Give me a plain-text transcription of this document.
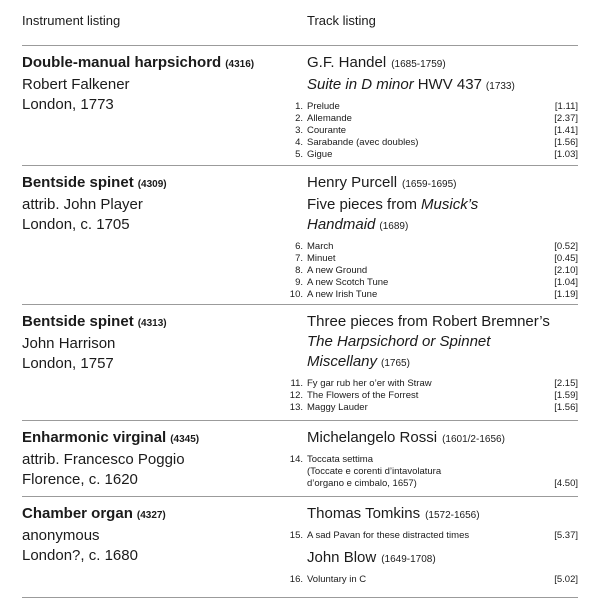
Instrument listing	Track listing
Double-manual harpsichord (4316)
Robert Falkener
London, 1773
G.F. Handel (1685-1759)
Suite in D minor HWV 437 (1733)
1. Prelude	[1.11]
2. Allemande	[2.37]
3. Courante	[1.41]
4. Sarabande (avec doubles)	[1.56]
5. Gigue	[1.03]
Bentside spinet (4309)
attrib. John Player
London, c. 1705
Henry Purcell (1659-1695)
Five pieces from Musick’s Handmaid (1689)
6. March	[0.52]
7. Minuet	[0.45]
8. A new Ground	[2.10]
9. A new Scotch Tune	[1.04]
10. A new Irish Tune	[1.19]
Bentside spinet (4313)
John Harrison
London, 1757
Three pieces from Robert Bremner’s
The Harpsichord or Spinnet Miscellany (1765)
11. Fy gar rub her o’er with Straw	[2.15]
12. The Flowers of the Forrest	[1.59]
13. Maggy Lauder	[1.56]
Enharmonic virginal (4345)
attrib. Francesco Poggio
Florence, c. 1620
Michelangelo Rossi (1601/2-1656)
14. Toccata settima
(Toccate e corenti d’intavolatura
d’organo e cimbalo, 1657)	[4.50]
Chamber organ (4327)
anonymous
London?, c. 1680
Thomas Tomkins (1572-1656)
15. A sad Pavan for these distracted times	[5.37]
John Blow (1649-1708)
16. Voluntary in C	[5.02]
